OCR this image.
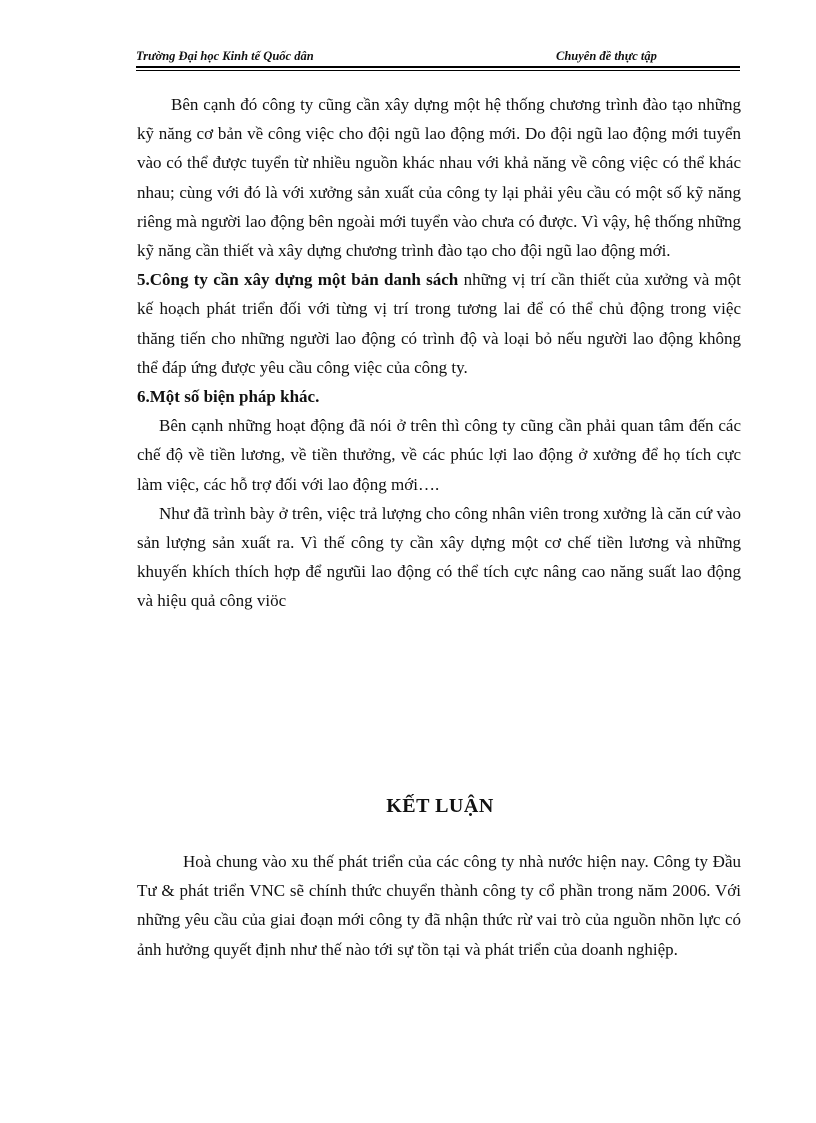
Trường Đại học Kinh tế Quốc dân	Chuyên đề thực tập

Bên cạnh đó công ty cũng cần xây dựng một hệ thống chương trình đào tạo những kỹ năng cơ bản về công việc cho đội ngũ lao động mới. Do đội ngũ lao động mới tuyển vào có thể được tuyển từ nhiều nguồn khác nhau với khả năng về công việc có thể khác nhau; cùng với đó là với xưởng sản xuất của công ty lại phải yêu cầu có một số kỹ năng riêng mà người lao động bên ngoài mới tuyển vào chưa có được. Vì vậy, hệ thống những kỹ năng cần thiết và xây dựng chương trình đào tạo cho đội ngũ lao động mới.

5.Công ty cần xây dựng một bản danh sách những vị trí cần thiết của xưởng và một kế hoạch phát triển đối với từng vị trí trong tương lai để có thể chủ động trong việc thăng tiến cho những người lao động có trình độ và loại bỏ nếu người lao động không thể đáp ứng được yêu cầu công việc của công ty.

6.Một số biện pháp khác.

Bên cạnh những hoạt động đã nói ở trên thì công ty cũng cần phải quan tâm đến các chế độ về tiền lương, về tiền thưởng, về các phúc lợi lao động ở xưởng để họ tích cực làm việc, các hỗ trợ đối với lao động mới….

Như đã trình bày ở trên, việc trả lượng cho công nhân viên trong xưởng là căn cứ vào sản lượng sản xuất ra. Vì thế công ty cần xây dựng một cơ chế tiền lương và những khuyến khích thích hợp để ngưũi lao động có thể tích cực nâng cao năng suất lao động và hiệu quả công viöc

KẾT LUẬN

Hoà chung vào xu thế phát triển của các công ty nhà nước hiện nay. Công ty Đầu Tư & phát triển VNC sẽ chính thức chuyển thành công ty cổ phần trong năm 2006. Với những yêu cầu của giai đoạn mới công ty đã nhận thức rừ vai trò của nguồn nhõn lực có ảnh hưởng quyết định như thế nào tới sự tồn tại và phát triển của doanh nghiệp.
